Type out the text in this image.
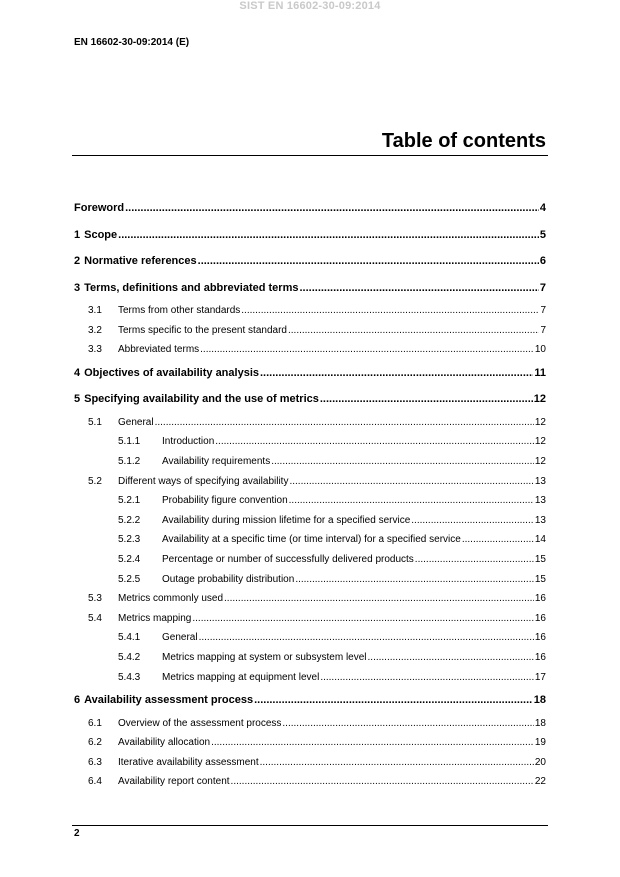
SIST EN 16602-30-09:2014
EN 16602-30-09:2014 (E)
Table of contents
Foreword .....	4
1 Scope .....	5
2 Normative references .....	6
3 Terms, definitions and abbreviated terms .....	7
3.1	Terms from other standards .....	7
3.2	Terms specific to the present standard .....	7
3.3	Abbreviated terms .....	10
4 Objectives of availability analysis .....	11
5 Specifying availability and the use of metrics .....	12
5.1	General .....	12
5.1.1	Introduction .....	12
5.1.2	Availability requirements .....	12
5.2	Different ways of specifying availability .....	13
5.2.1	Probability figure convention .....	13
5.2.2	Availability during mission lifetime for a specified service .....	13
5.2.3	Availability at a specific time (or time interval) for a specified service .....	14
5.2.4	Percentage or number of successfully delivered products .....	15
5.2.5	Outage probability distribution .....	15
5.3	Metrics commonly used .....	16
5.4	Metrics mapping .....	16
5.4.1	General .....	16
5.4.2	Metrics mapping at system or subsystem level .....	16
5.4.3	Metrics mapping at equipment level .....	17
6 Availability assessment process .....	18
6.1	Overview of the assessment process .....	18
6.2	Availability allocation .....	19
6.3	Iterative availability assessment .....	20
6.4	Availability report content .....	22
2
